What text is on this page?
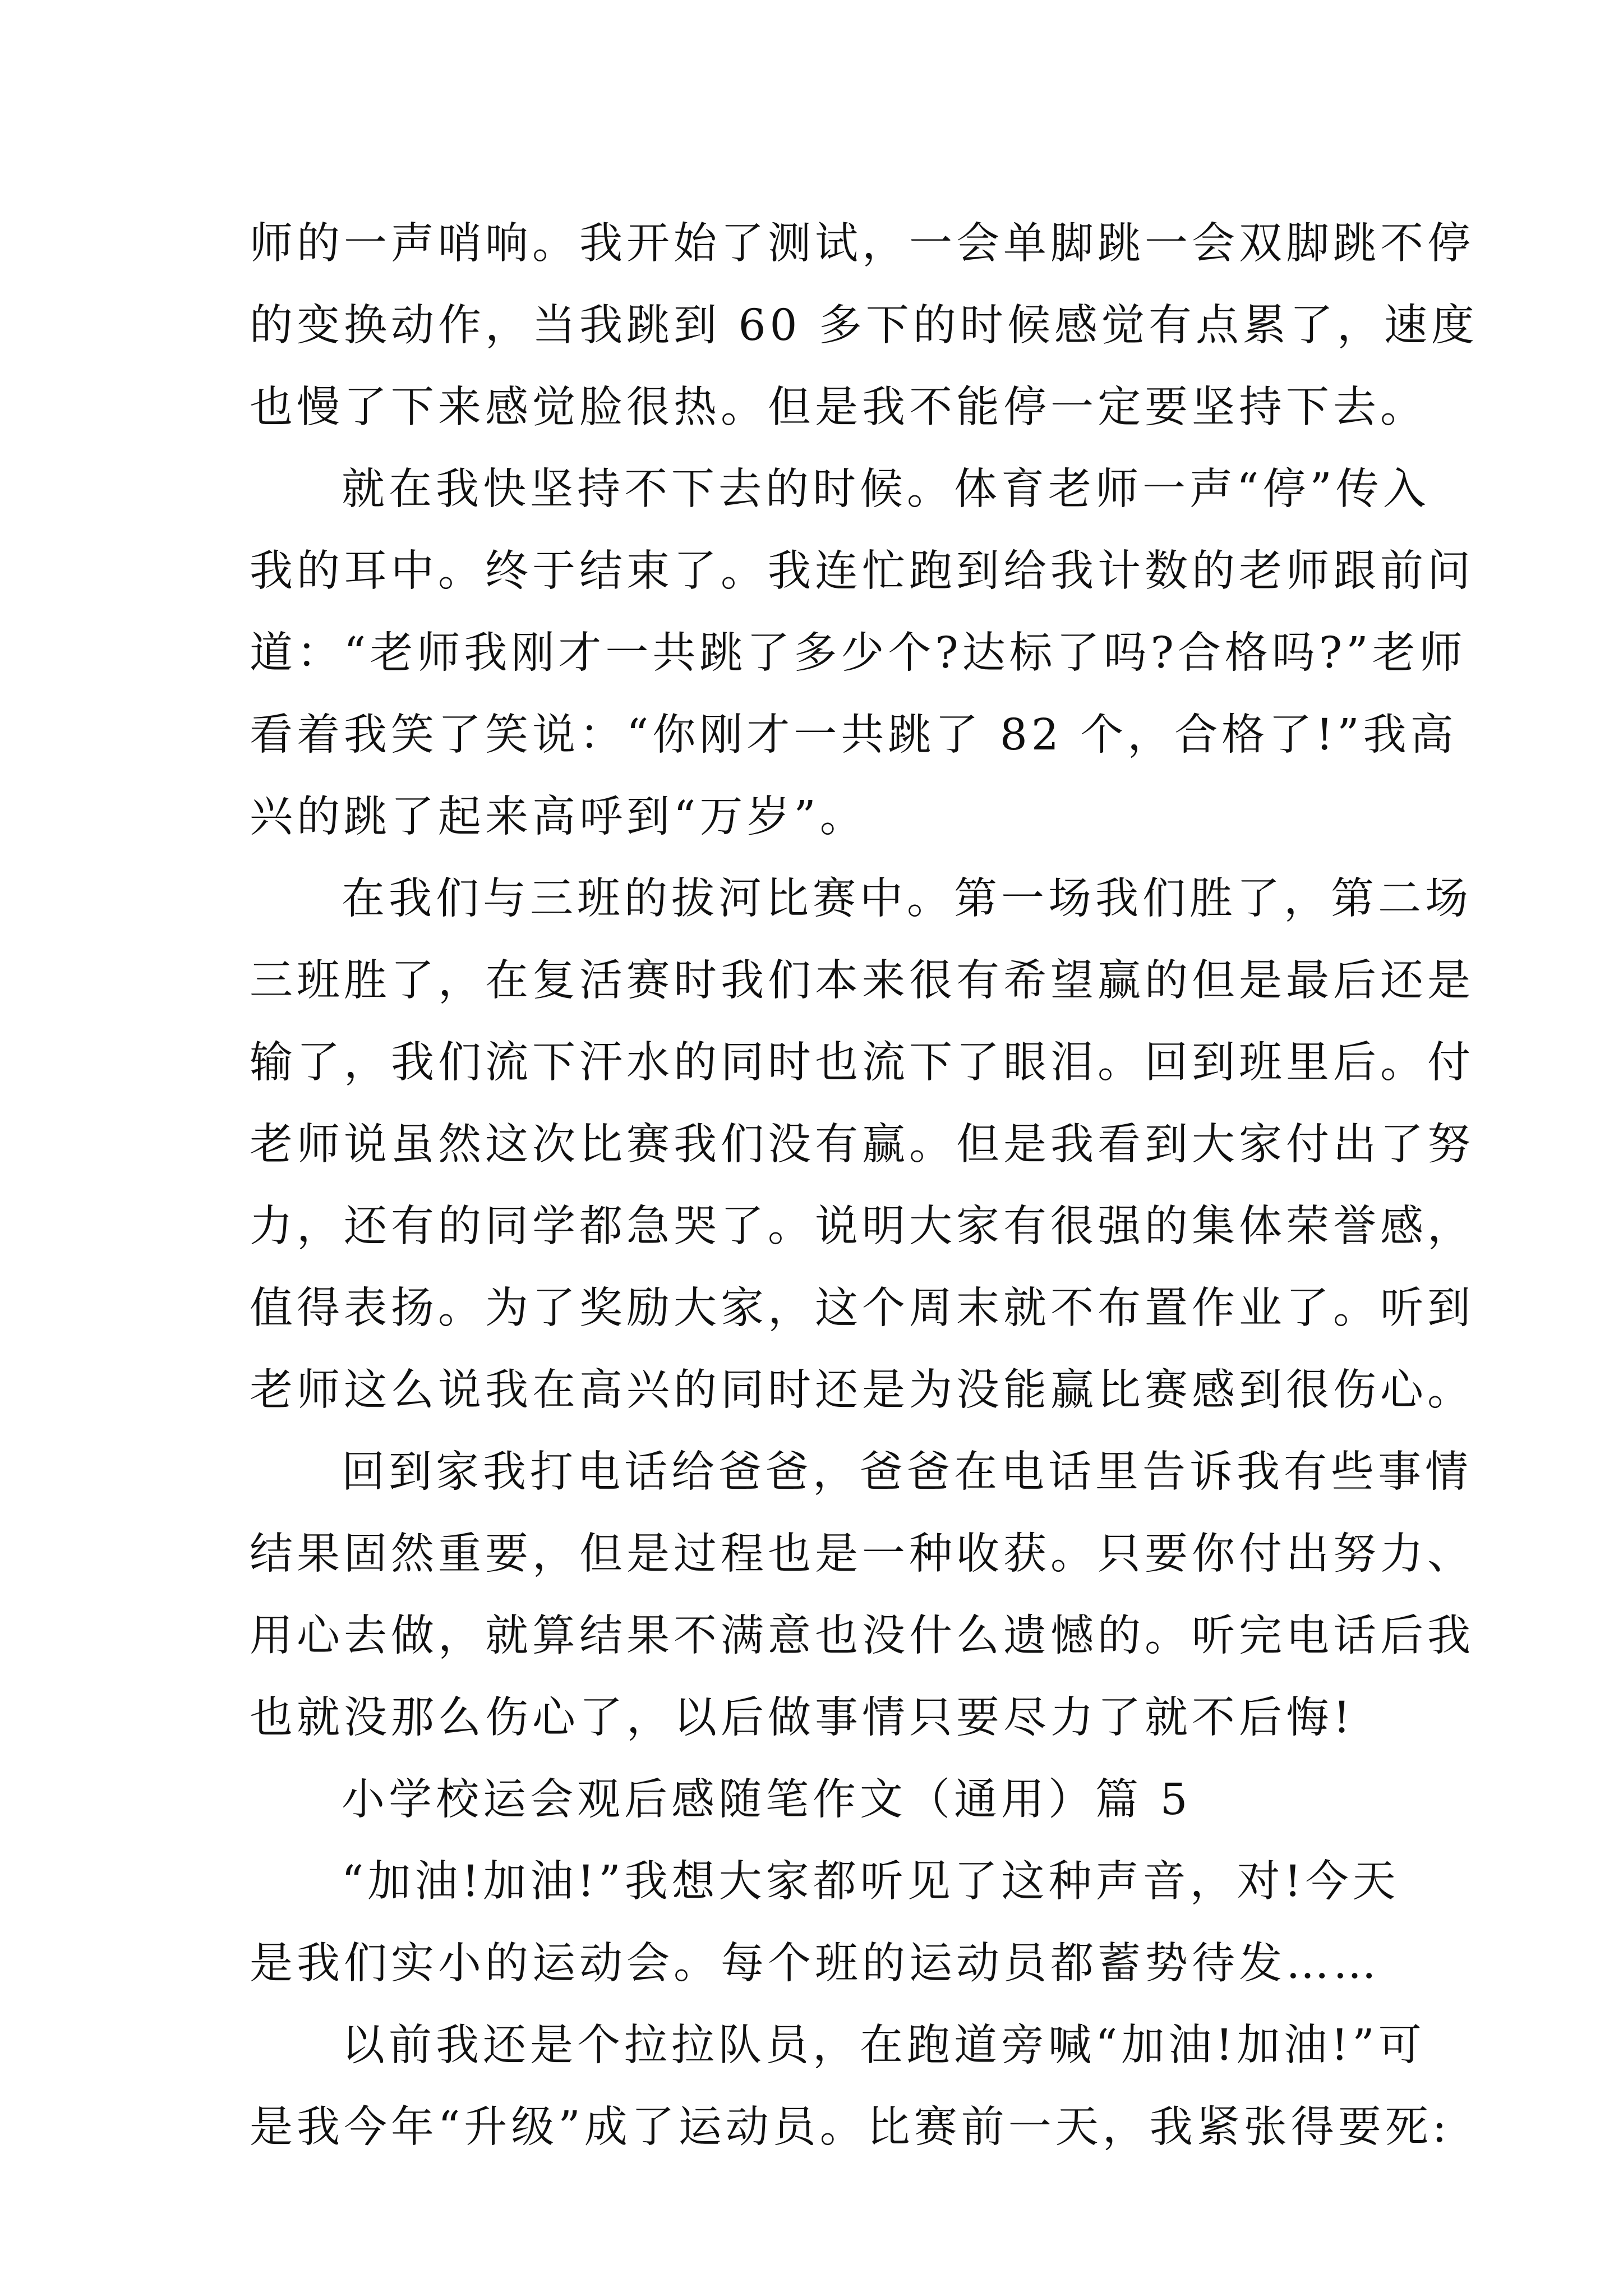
师的一声哨响。我开始了测试，一会单脚跳一会双脚跳不停
的变换动作，当我跳到 60 多下的时候感觉有点累了，速度
也慢了下来感觉脸很热。但是我不能停一定要坚持下去。
就在我快坚持不下去的时候。体育老师一声“停”传入
我的耳中。终于结束了。我连忙跑到给我计数的老师跟前问
道：“老师我刚才一共跳了多少个?达标了吗?合格吗?”老师
看着我笑了笑说：“你刚才一共跳了 82 个，合格了!”我高
兴的跳了起来高呼到“万岁”。
在我们与三班的拔河比赛中。第一场我们胜了，第二场
三班胜了，在复活赛时我们本来很有希望赢的但是最后还是
输了，我们流下汗水的同时也流下了眼泪。回到班里后。付
老师说虽然这次比赛我们没有赢。但是我看到大家付出了努
力，还有的同学都急哭了。说明大家有很强的集体荣誉感，
值得表扬。为了奖励大家，这个周末就不布置作业了。听到
老师这么说我在高兴的同时还是为没能赢比赛感到很伤心。
回到家我打电话给爸爸，爸爸在电话里告诉我有些事情
结果固然重要，但是过程也是一种收获。只要你付出努力、
用心去做，就算结果不满意也没什么遗憾的。听完电话后我
也就没那么伤心了，以后做事情只要尽力了就不后悔!
小学校运会观后感随笔作文（通用）篇 5
“加油!加油!”我想大家都听见了这种声音，对!今天
是我们实小的运动会。每个班的运动员都蓄势待发……
以前我还是个拉拉队员，在跑道旁喊“加油!加油!”可
是我今年“升级”成了运动员。比赛前一天，我紧张得要死:
